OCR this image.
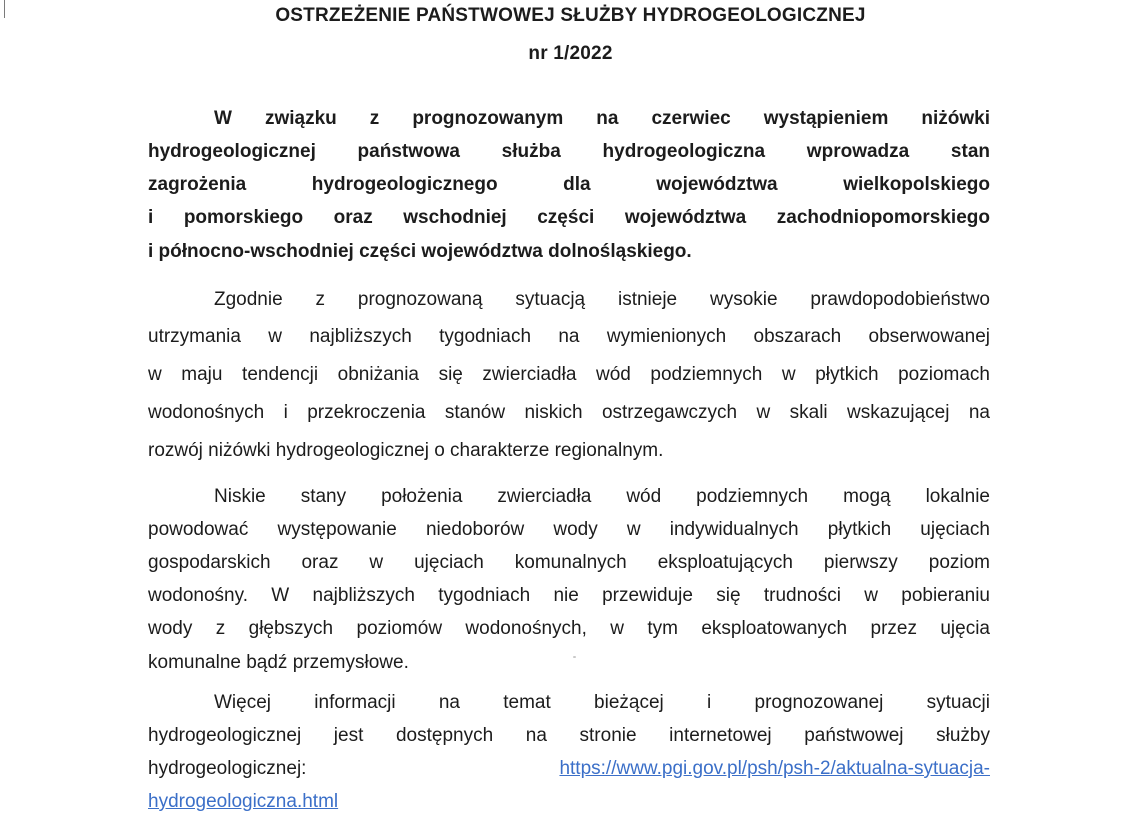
OSTRZEŻENIE PAŃSTWOWEJ SŁUŻBY HYDROGEOLOGICZNEJ
nr 1/2022
W związku z prognozowanym na czerwiec wystąpieniem niżówki
hydrogeologicznej państwowa służba hydrogeologiczna wprowadza stan
zagrożenia hydrogeologicznego dla województwa wielkopolskiego
i pomorskiego oraz wschodniej części województwa zachodniopomorskiego
i północno-wschodniej części województwa dolnośląskiego.
Zgodnie z prognozowaną sytuacją istnieje wysokie prawdopodobieństwo
utrzymania w najbliższych tygodniach na wymienionych obszarach obserwowanej
w maju tendencji obniżania się zwierciadła wód podziemnych w płytkich poziomach
wodonośnych i przekroczenia stanów niskich ostrzegawczych w skali wskazującej na
rozwój niżówki hydrogeologicznej o charakterze regionalnym.
Niskie stany położenia zwierciadła wód podziemnych mogą lokalnie
powodować występowanie niedoborów wody w indywidualnych płytkich ujęciach
gospodarskich oraz w ujęciach komunalnych eksploatujących pierwszy poziom
wodonośny. W najbliższych tygodniach nie przewiduje się trudności w pobieraniu
wody z głębszych poziomów wodonośnych, w tym eksploatowanych przez ujęcia
komunalne bądź przemysłowe.
Więcej informacji na temat bieżącej i prognozowanej sytuacji
hydrogeologicznej jest dostępnych na stronie internetowej państwowej służby
hydrogeologicznej:	https://www.pgi.gov.pl/psh/psh-2/aktualna-sytuacja-
hydrogeologiczna.html
